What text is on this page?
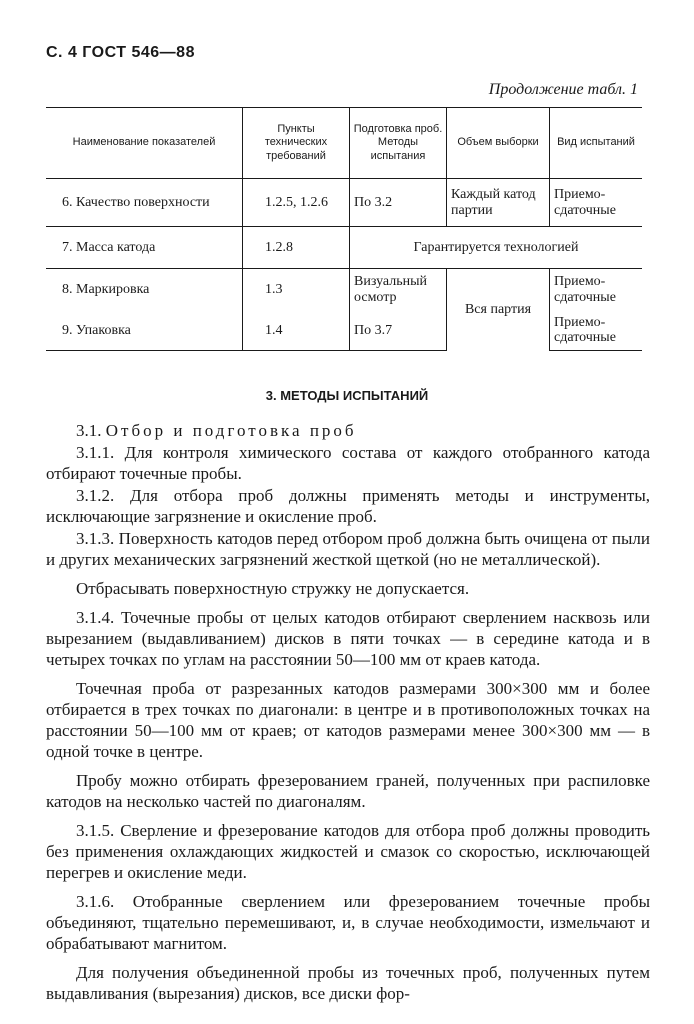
С. 4 ГОСТ 546—88
Продолжение табл. 1
Наименование показателей	Пункты технических требований	Подготовка проб. Методы испытания	Объем выборки	Вид испытаний
6. Качество поверхности	1.2.5, 1.2.6	По 3.2	Каждый катод партии	Приемо-сдаточные
7. Масса катода	1.2.8	Гарантируется технологией		
8. Маркировка	1.3	Визуальный осмотр	Вся партия	Приемо-сдаточные
9. Упаковка	1.4	По 3.7		Приемо-сдаточные
3. МЕТОДЫ ИСПЫТАНИЙ

3.1. Отбор и подготовка проб

3.1.1. Для контроля химического состава от каждого отобранного катода отбирают точечные пробы.

3.1.2. Для отбора проб должны применять методы и инструменты, исключающие загрязнение и окисление проб.

3.1.3. Поверхность катодов перед отбором проб должна быть очищена от пыли и других механических загрязнений жесткой щеткой (но не металлической).

Отбрасывать поверхностную стружку не допускается.

3.1.4. Точечные пробы от целых катодов отбирают сверлением насквозь или вырезанием (выдавливанием) дисков в пяти точках — в середине катода и в четырех точках по углам на расстоянии 50—100 мм от краев катода.

Точечная проба от разрезанных катодов размерами 300×300 мм и более отбирается в трех точках по диагонали: в центре и в противоположных точках на расстоянии 50—100 мм от краев; от катодов размерами менее 300×300 мм — в одной точке в центре.

Пробу можно отбирать фрезерованием граней, полученных при распиловке катодов на несколько частей по диагоналям.

3.1.5. Сверление и фрезерование катодов для отбора проб должны проводить без применения охлаждающих жидкостей и смазок со скоростью, исключающей перегрев и окисление меди.

3.1.6. Отобранные сверлением или фрезерованием точечные пробы объединяют, тщательно перемешивают, и, в случае необходимости, измельчают и обрабатывают магнитом.

Для получения объединенной пробы из точечных проб, полученных путем выдавливания (вырезания) дисков, все диски фор-
